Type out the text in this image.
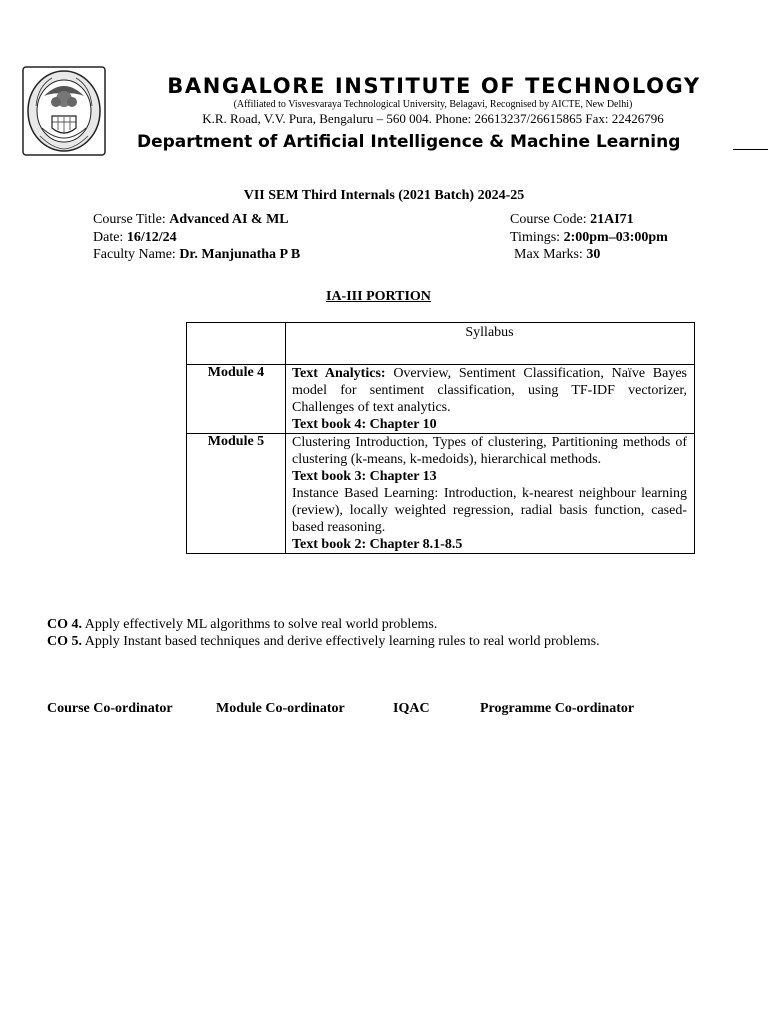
BANGALORE INSTITUTE OF TECHNOLOGY
(Affiliated to Visvesvaraya Technological University, Belagavi, Recognised by AICTE, New Delhi)
K.R. Road, V.V. Pura, Bengaluru – 560 004. Phone: 26613237/26615865 Fax: 22426796
Department of Artificial Intelligence & Machine Learning
VII SEM Third Internals (2021 Batch) 2024-25
Course Title: Advanced AI & ML	Course Code: 21AI71
Date: 16/12/24	Timings: 2:00pm–03:00pm
Faculty Name: Dr. Manjunatha P B	Max Marks: 30
IA-III PORTION
	Syllabus
Module 4	Text Analytics: Overview, Sentiment Classification, Naïve Bayes model for sentiment classification, using TF-IDF vectorizer, Challenges of text analytics.
Text book 4: Chapter 10
Module 5	Clustering Introduction, Types of clustering, Partitioning methods of clustering (k-means, k-medoids), hierarchical methods.
Text book 3: Chapter 13
Instance Based Learning: Introduction, k-nearest neighbour learning (review), locally weighted regression, radial basis function, cased-based reasoning.
Text book 2: Chapter 8.1-8.5
CO 4. Apply effectively ML algorithms to solve real world problems.
CO 5. Apply Instant based techniques and derive effectively learning rules to real world problems.
Course Co-ordinator	Module Co-ordinator	IQAC	Programme Co-ordinator
